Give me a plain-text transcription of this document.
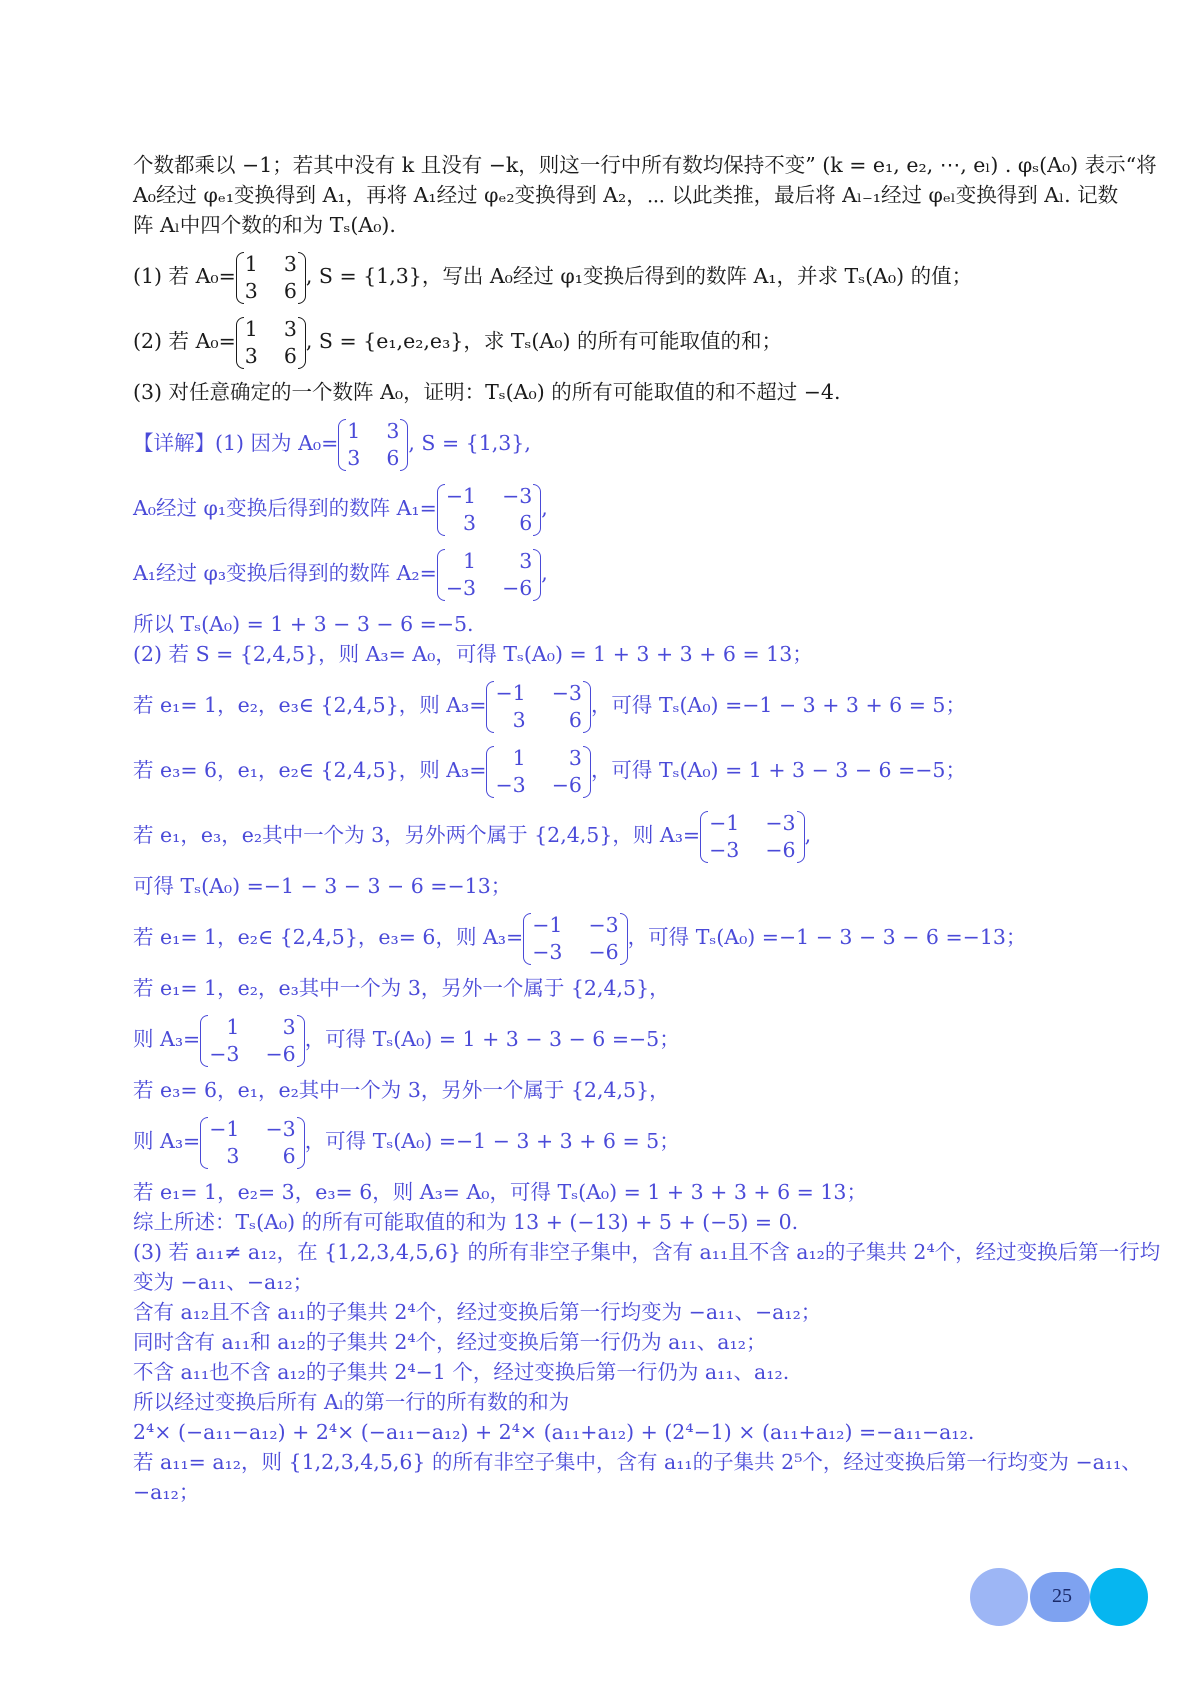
个数都乘以 −1；若其中没有 k 且没有 −k，则这一行中所有数均保持不变” (k = e₁, e₂, ⋯, eₗ) . φₛ(A₀) 表示“将
A₀经过 φₑ₁变换得到 A₁，再将 A₁经过 φₑ₂变换得到 A₂，⋯ 以此类推，最后将 Aₗ₋₁经过 φₑₗ变换得到 Aₗ. 记数
阵 Aₗ中四个数的和为 Tₛ(A₀).
(1) 若 A₀=
1 3
3 6
, S = {1,3}，写出 A₀经过 φ₁变换后得到的数阵 A₁，并求 Tₛ(A₀) 的值；
(2) 若 A₀=
1 3
3 6
, S = {e₁,e₂,e₃}，求 Tₛ(A₀) 的所有可能取值的和；
(3) 对任意确定的一个数阵 A₀，证明：Tₛ(A₀) 的所有可能取值的和不超过 −4.
【详解】(1) 因为 A₀=
1 3
3 6
, S = {1,3},
A₀经过 φ₁变换后得到的数阵 A₁=
−1 −3
3	6
,
A₁经过 φ₃变换后得到的数阵 A₂=
1	3
−3 −6
,
所以 Tₛ(A₀) = 1 + 3 − 3 − 6 =−5.
(2) 若 S = {2,4,5}，则 A₃= A₀，可得 Tₛ(A₀) = 1 + 3 + 3 + 6 = 13；
若 e₁= 1，e₂，e₃∈ {2,4,5}，则 A₃=
−1 −3
3	6
，可得 Tₛ(A₀) =−1 − 3 + 3 + 6 = 5；
若 e₃= 6，e₁，e₂∈ {2,4,5}，则 A₃=
1	3
−3 −6
，可得 Tₛ(A₀) = 1 + 3 − 3 − 6 =−5；
若 e₁，e₃，e₂其中一个为 3，另外两个属于 {2,4,5}，则 A₃=
−1 −3
−3 −6
,
可得 Tₛ(A₀) =−1 − 3 − 3 − 6 =−13；
若 e₁= 1，e₂∈ {2,4,5}，e₃= 6，则 A₃=
−1 −3
−3 −6
，可得 Tₛ(A₀) =−1 − 3 − 3 − 6 =−13；
若 e₁= 1，e₂，e₃其中一个为 3，另外一个属于 {2,4,5}，
则 A₃=
1	3
−3 −6
，可得 Tₛ(A₀) = 1 + 3 − 3 − 6 =−5；
若 e₃= 6，e₁，e₂其中一个为 3，另外一个属于 {2,4,5}，
则 A₃=
−1 −3
3	6
，可得 Tₛ(A₀) =−1 − 3 + 3 + 6 = 5；
若 e₁= 1，e₂= 3，e₃= 6，则 A₃= A₀，可得 Tₛ(A₀) = 1 + 3 + 3 + 6 = 13；
综上所述：Tₛ(A₀) 的所有可能取值的和为 13 + (−13) + 5 + (−5) = 0.
(3) 若 a₁₁≠ a₁₂，在 {1,2,3,4,5,6} 的所有非空子集中，含有 a₁₁且不含 a₁₂的子集共 2⁴个，经过变换后第一行均
变为 −a₁₁、−a₁₂；
含有 a₁₂且不含 a₁₁的子集共 2⁴个，经过变换后第一行均变为 −a₁₁、−a₁₂；
同时含有 a₁₁和 a₁₂的子集共 2⁴个，经过变换后第一行仍为 a₁₁、a₁₂；
不含 a₁₁也不含 a₁₂的子集共 2⁴−1 个，经过变换后第一行仍为 a₁₁、a₁₂.
所以经过变换后所有 Aₗ的第一行的所有数的和为
2⁴× (−a₁₁−a₁₂) + 2⁴× (−a₁₁−a₁₂) + 2⁴× (a₁₁+a₁₂) + (2⁴−1) × (a₁₁+a₁₂) =−a₁₁−a₁₂.
若 a₁₁= a₁₂，则 {1,2,3,4,5,6} 的所有非空子集中，含有 a₁₁的子集共 2⁵个，经过变换后第一行均变为 −a₁₁、
−a₁₂；
25
